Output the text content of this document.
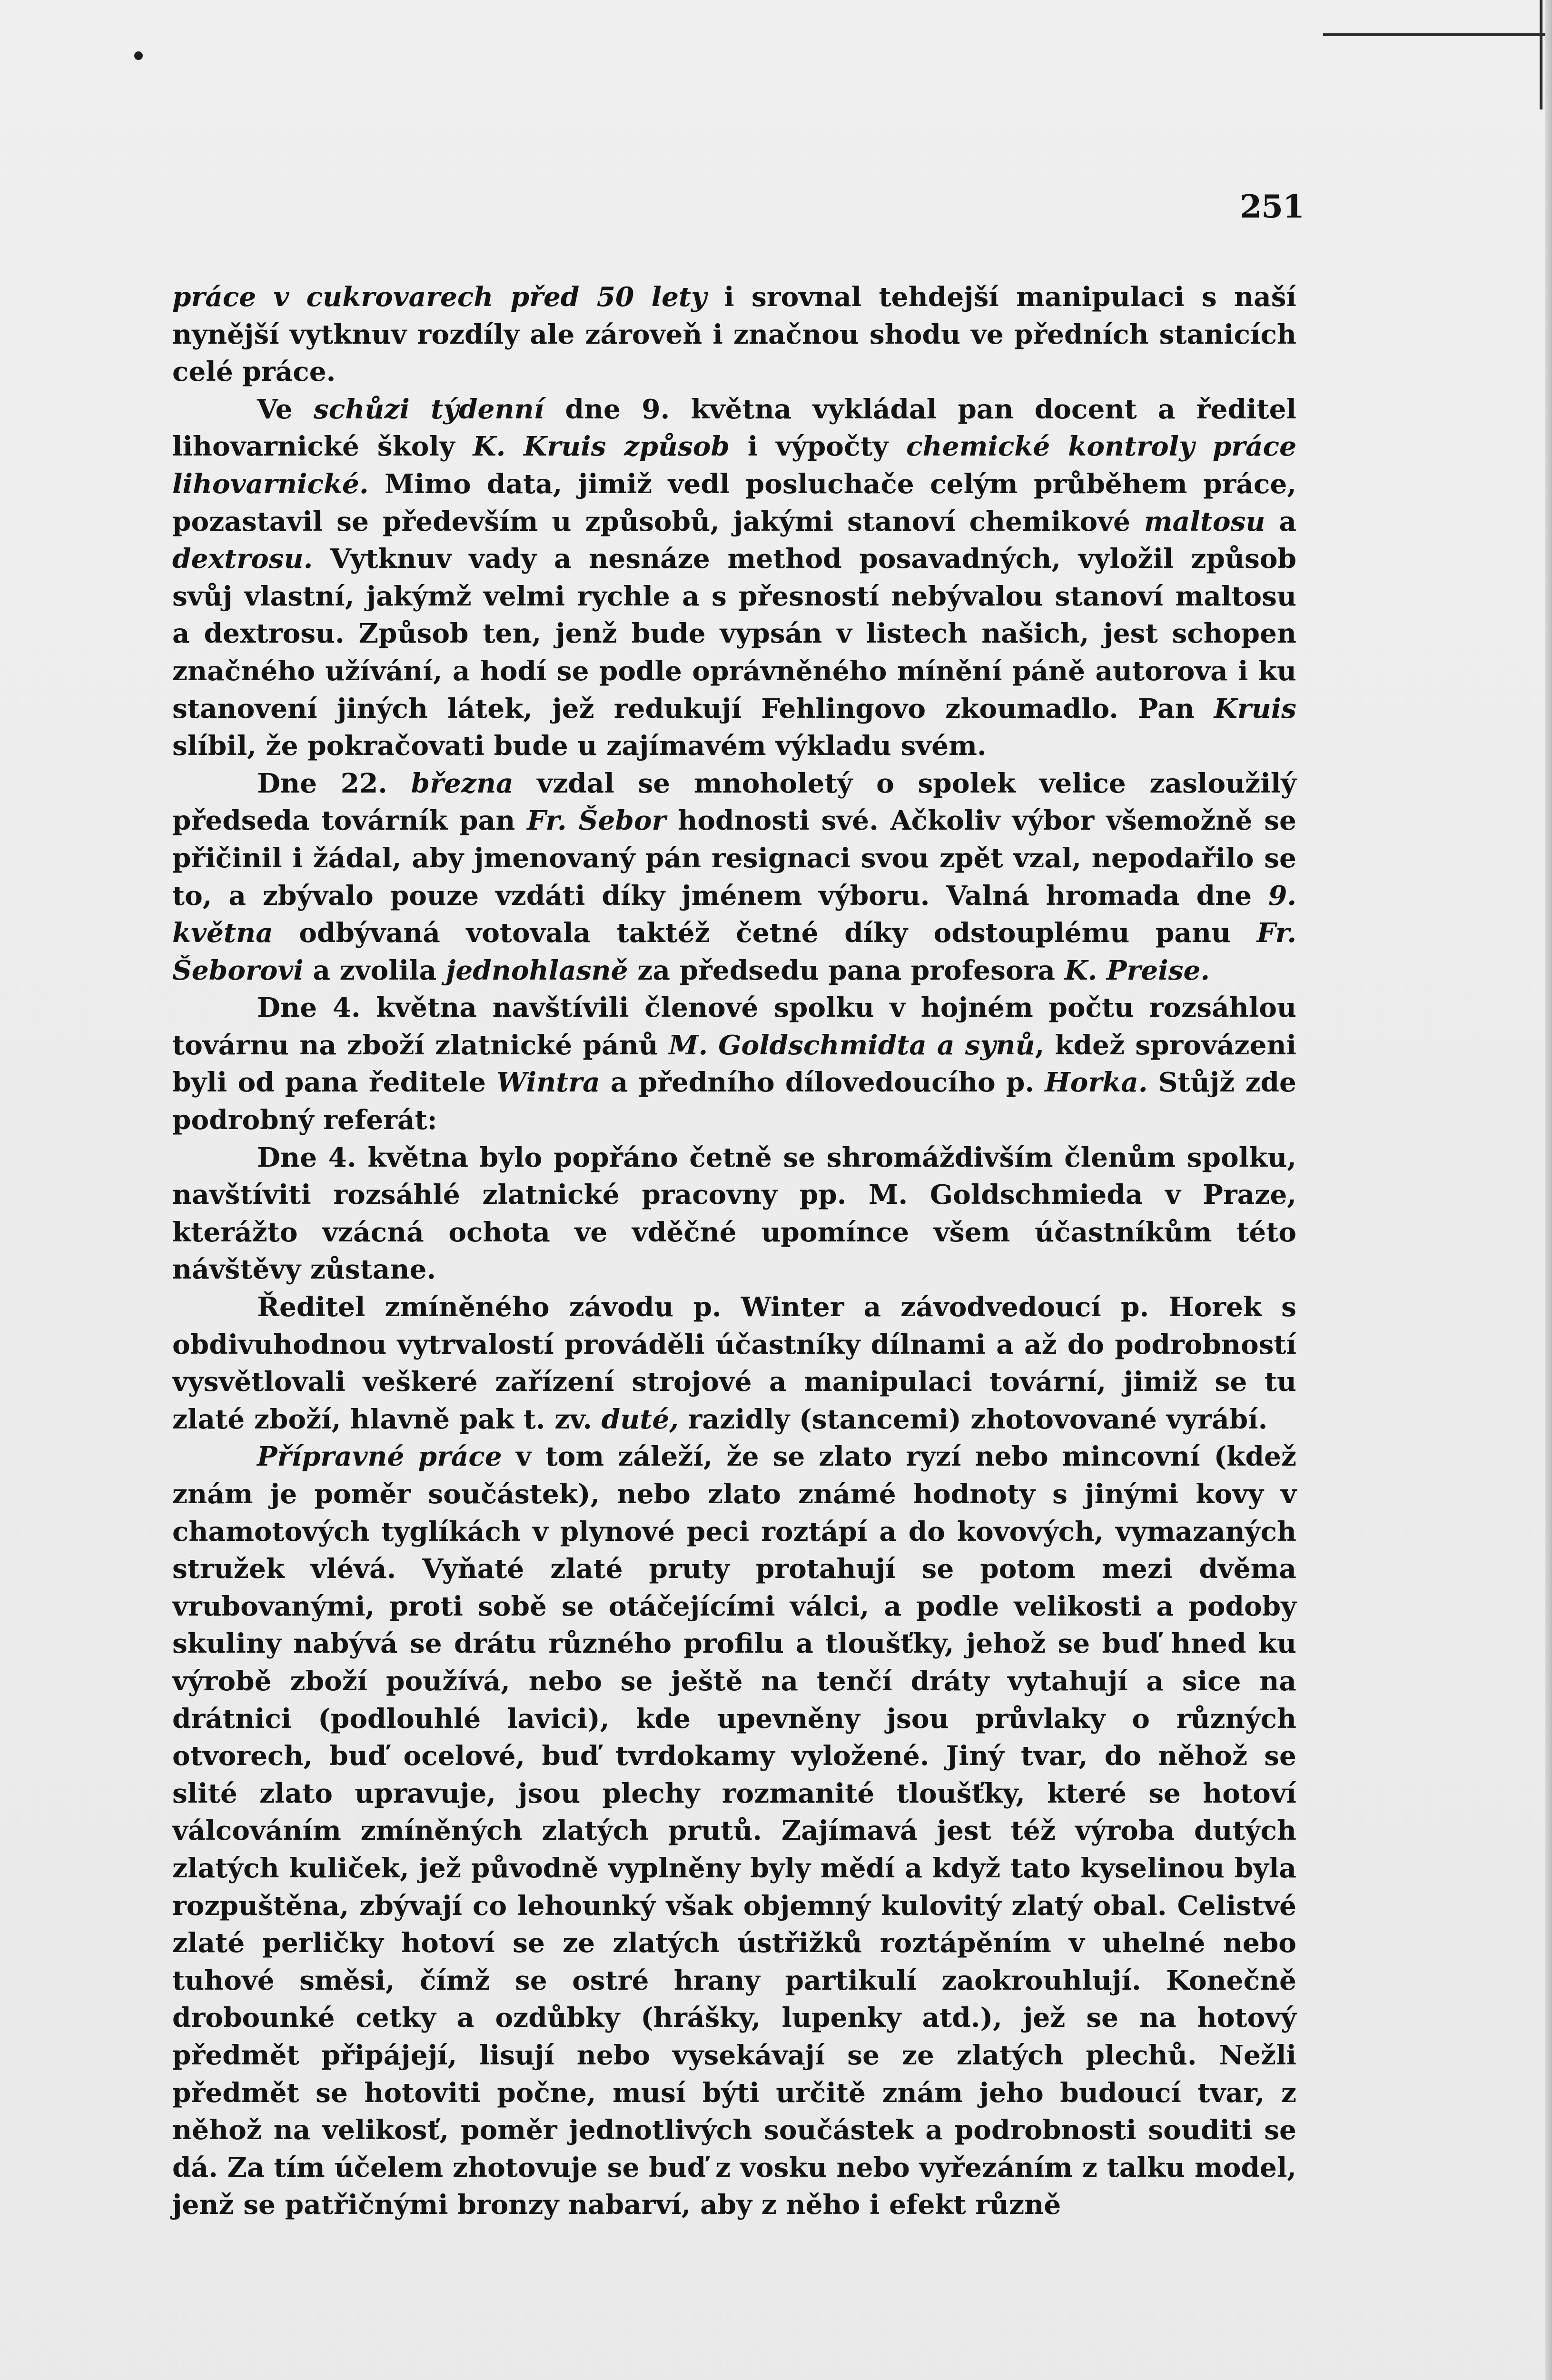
251

práce v cukrovarech před 50 lety i srovnal tehdejší manipulaci s naší nynější vytknuv rozdíly ale zároveň i značnou shodu ve předních stanicích celé práce.

Ve schůzi týdenní dne 9. května vykládal pan docent a ředitel lihovarnické školy K. Kruis způsob i výpočty chemické kontroly práce lihovarnické. Mimo data, jimiž vedl posluchače celým průběhem práce, pozastavil se především u způsobů, jakými stanoví chemikové maltosu a dextrosu. Vytknuv vady a nesnáze method posavadných, vyložil způsob svůj vlastní, jakýmž velmi rychle a s přesností nebývalou stanoví maltosu a dextrosu. Způsob ten, jenž bude vypsán v listech našich, jest schopen značného užívání, a hodí se podle oprávněného mínění páně autorova i ku stanovení jiných látek, jež redukují Fehlingovo zkoumadlo. Pan Kruis slíbil, že pokračovati bude u zajímavém výkladu svém.

Dne 22. března vzdal se mnoholetý o spolek velice zasloužilý předseda továrník pan Fr. Šebor hodnosti své. Ačkoliv výbor všemožně se přičinil i žádal, aby jmenovaný pán resignaci svou zpět vzal, nepodařilo se to, a zbývalo pouze vzdáti díky jménem výboru. Valná hromada dne 9. května odbývaná votovala taktéž četné díky odstouplému panu Fr. Šeborovi a zvolila jednohlasně za předsedu pana profesora K. Preise.

Dne 4. května navštívili členové spolku v hojném počtu rozsáhlou továrnu na zboží zlatnické pánů M. Goldschmidta a synů, kdež sprovázeni byli od pana ředitele Wintra a předního dílovedoucího p. Horka. Stůjž zde podrobný referát:

Dne 4. května bylo popřáno četně se shromáždivším členům spolku, navštíviti rozsáhlé zlatnické pracovny pp. M. Goldschmieda v Praze, kterážto vzácná ochota ve vděčné upomínce všem účastníkům této návštěvy zůstane.

Ředitel zmíněného závodu p. Winter a závodvedoucí p. Horek s obdivuhodnou vytrvalostí prováděli účastníky dílnami a až do podrobností vysvětlovali veškeré zařízení strojové a manipulaci tovární, jimiž se tu zlaté zboží, hlavně pak t. zv. duté, razidly (stancemi) zhotovované vyrábí.

Přípravné práce v tom záleží, že se zlato ryzí nebo mincovní (kdež znám je poměr součástek), nebo zlato známé hodnoty s jinými kovy v chamotových tyglíkách v plynové peci roztápí a do kovových, vymazaných stružek vlévá. Vyňaté zlaté pruty protahují se potom mezi dvěma vrubovanými, proti sobě se otáčejícími válci, a podle velikosti a podoby skuliny nabývá se drátu různého profilu a tloušťky, jehož se buď hned ku výrobě zboží používá, nebo se ještě na tenčí dráty vytahují a sice na drátnici (podlouhlé lavici), kde upevněny jsou průvlaky o různých otvorech, buď ocelové, buď tvrdokamy vyložené. Jiný tvar, do něhož se slité zlato upravuje, jsou plechy rozmanité tloušťky, které se hotoví válcováním zmíněných zlatých prutů. Zajímavá jest též výroba dutých zlatých kuliček, jež původně vyplněny byly mědí a když tato kyselinou byla rozpuštěna, zbývají co lehounký však objemný kulovitý zlatý obal. Celistvé zlaté perličky hotoví se ze zlatých ústřižků roztápěním v uhelné nebo tuhové směsi, čímž se ostré hrany partikulí zaokrouhlují. Konečně drobounké cetky a ozdůbky (hrášky, lupenky atd.), jež se na hotový předmět připájejí, lisují nebo vysekávají se ze zlatých plechů. Nežli předmět se hotoviti počne, musí býti určitě znám jeho budoucí tvar, z něhož na velikosť, poměr jednotlivých součástek a podrobnosti souditi se dá. Za tím účelem zhotovuje se buď z vosku nebo vyřezáním z talku model, jenž se patřičnými bronzy nabarví, aby z něho i efekt různě
